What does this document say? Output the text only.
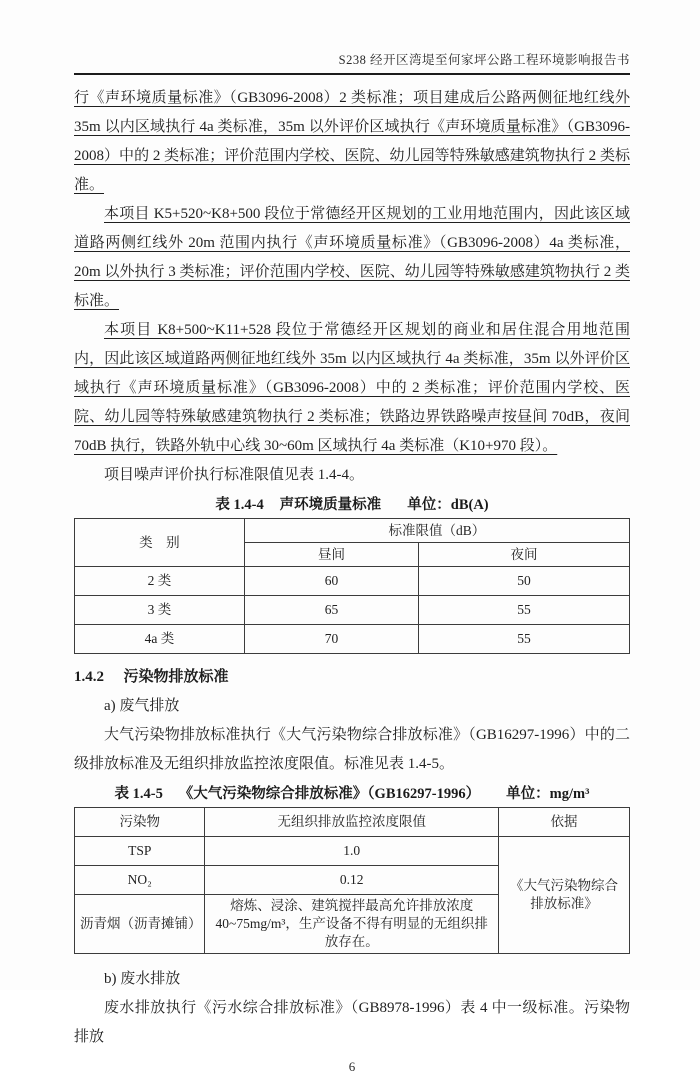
S238 经开区湾堤至何家坪公路工程环境影响报告书

行《声环境质量标准》（GB3096-2008）2 类标准；项目建成后公路两侧征地红线外 35m 以内区域执行 4a 类标准，35m 以外评价区域执行《声环境质量标准》（GB3096-2008）中的 2 类标准；评价范围内学校、医院、幼儿园等特殊敏感建筑物执行 2 类标准。

本项目 K5+520~K8+500 段位于常德经开区规划的工业用地范围内，因此该区域道路两侧红线外 20m 范围内执行《声环境质量标准》（GB3096-2008）4a 类标准，20m 以外执行 3 类标准；评价范围内学校、医院、幼儿园等特殊敏感建筑物执行 2 类标准。

本项目 K8+500~K11+528 段位于常德经开区规划的商业和居住混合用地范围内，因此该区域道路两侧征地红线外 35m 以内区域执行 4a 类标准，35m 以外评价区域执行《声环境质量标准》（GB3096-2008）中的 2 类标准；评价范围内学校、医院、幼儿园等特殊敏感建筑物执行 2 类标准；铁路边界铁路噪声按昼间 70dB，夜间 70dB 执行，铁路外轨中心线 30~60m 区域执行 4a 类标准（K10+970 段）。

项目噪声评价执行标准限值见表 1.4-4。

表 1.4-4 声环境质量标准 单位：dB(A)
类　别	标准限值（dB）	
	昼间	夜间
2 类	60	50
3 类	65	55
4a 类	70	55
1.4.2 污染物排放标准
a) 废气排放

大气污染物排放标准执行《大气污染物综合排放标准》（GB16297-1996）中的二级排放标准及无组织排放监控浓度限值。标准见表 1.4-5。

表 1.4-5 《大气污染物综合排放标准》（GB16297-1996） 单位：mg/m³
污染物	无组织排放监控浓度限值	依据
TSP	1.0	《大气污染物综合排放标准》
NO₂	0.12	
沥青烟（沥青摊铺）	熔炼、浸涂、建筑搅拌最高允许排放浓度 40~75mg/m³，生产设备不得有明显的无组织排放存在。	
b) 废水排放

废水排放执行《污水综合排放标准》（GB8978-1996）表 4 中一级标准。污染物排放

6
